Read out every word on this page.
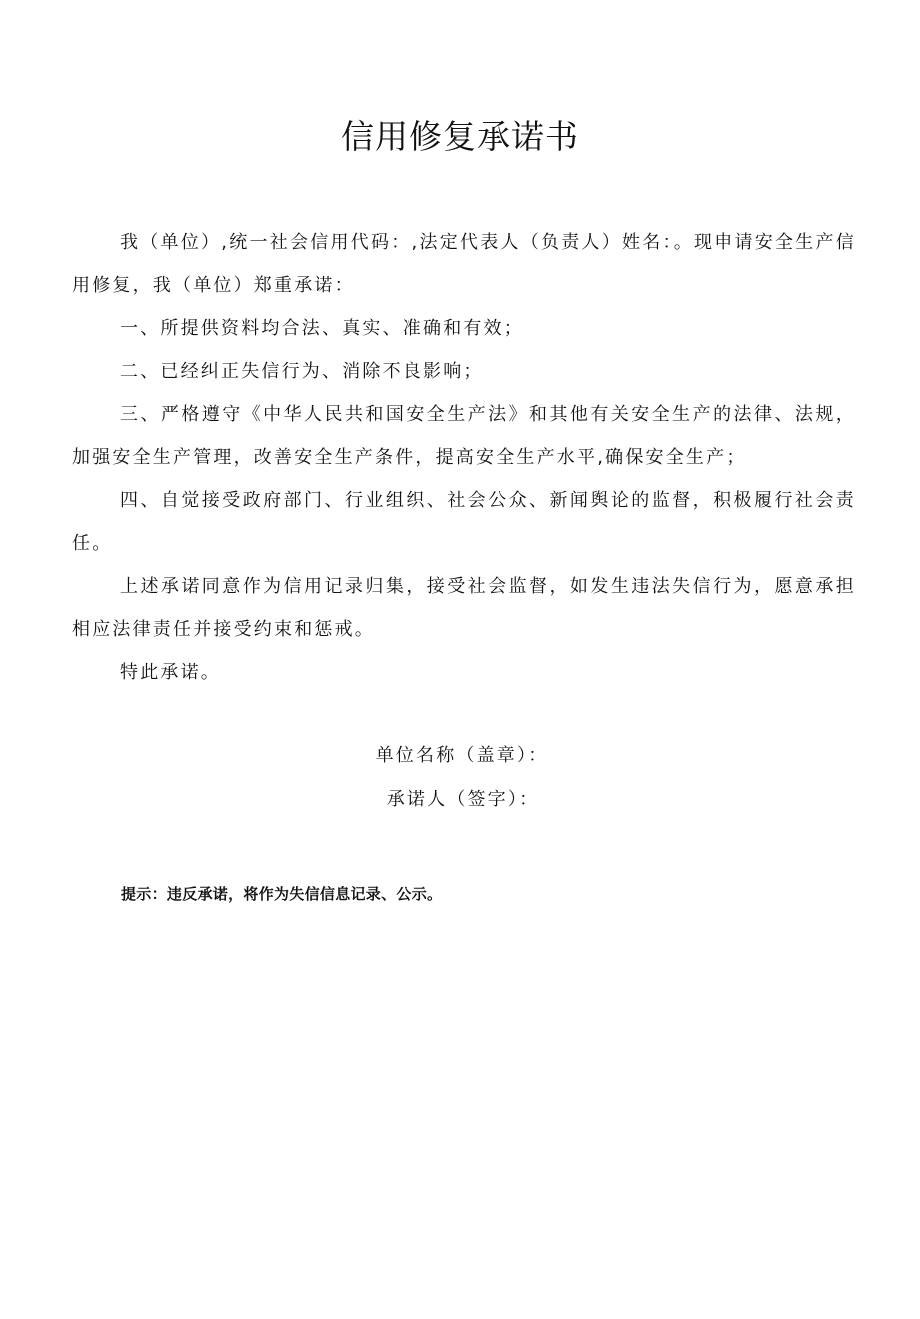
信用修复承诺书

我（单位）,统一社会信用代码：,法定代表人（负责人）姓名：。现申请安全生产信用修复，我（单位）郑重承诺：

一、所提供资料均合法、真实、准确和有效；

二、已经纠正失信行为、消除不良影响；

三、严格遵守《中华人民共和国安全生产法》和其他有关安全生产的法律、法规，加强安全生产管理，改善安全生产条件，提高安全生产水平,确保安全生产；

四、自觉接受政府部门、行业组织、社会公众、新闻舆论的监督，积极履行社会责任。

上述承诺同意作为信用记录归集，接受社会监督，如发生违法失信行为，愿意承担相应法律责任并接受约束和惩戒。

特此承诺。

单位名称（盖章）：
承诺人（签字）：
提示：违反承诺，将作为失信信息记录、公示。
